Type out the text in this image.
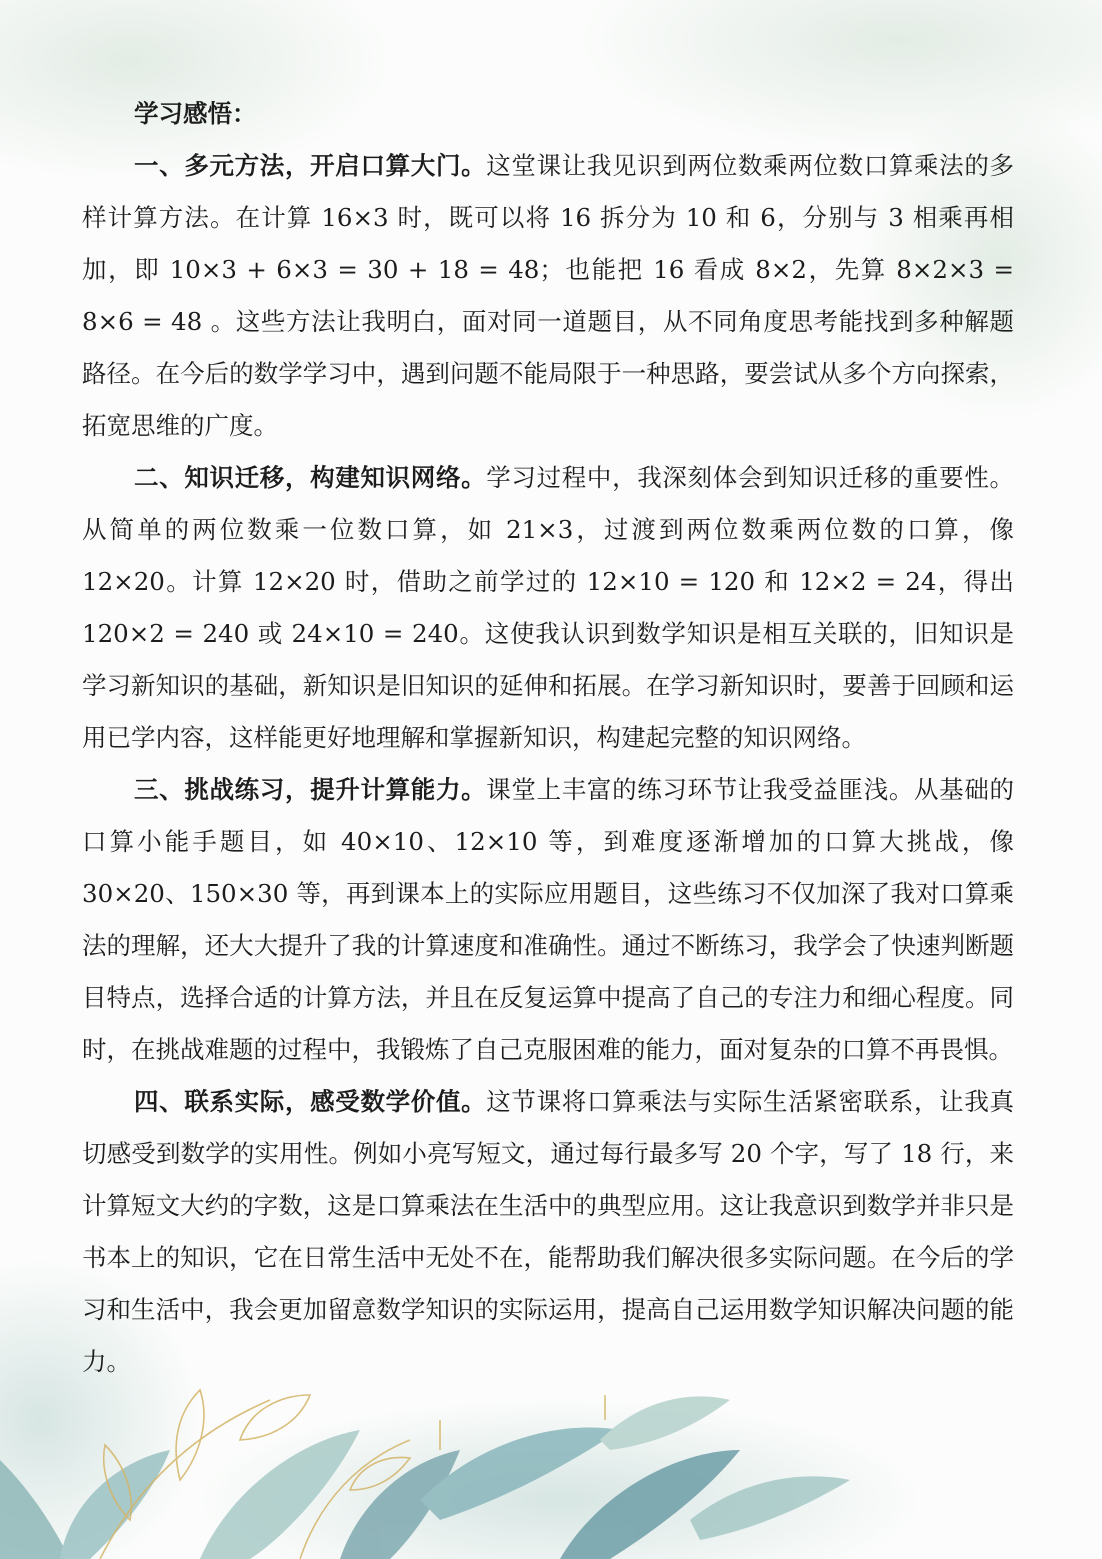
学习感悟：

一、多元方法，开启口算大门。这堂课让我见识到两位数乘两位数口算乘法的多样计算方法。在计算 16×3 时，既可以将 16 拆分为 10 和 6，分别与 3 相乘再相加，即 10×3 + 6×3 = 30 + 18 = 48；也能把 16 看成 8×2，先算 8×2×3 = 8×6 = 48 。这些方法让我明白，面对同一道题目，从不同角度思考能找到多种解题路径。在今后的数学学习中，遇到问题不能局限于一种思路，要尝试从多个方向探索，拓宽思维的广度。

二、知识迁移，构建知识网络。学习过程中，我深刻体会到知识迁移的重要性。从简单的两位数乘一位数口算，如 21×3，过渡到两位数乘两位数的口算，像 12×20。计算 12×20 时，借助之前学过的 12×10 = 120 和 12×2 = 24，得出 120×2 = 240 或 24×10 = 240。这使我认识到数学知识是相互关联的，旧知识是学习新知识的基础，新知识是旧知识的延伸和拓展。在学习新知识时，要善于回顾和运用已学内容，这样能更好地理解和掌握新知识，构建起完整的知识网络。

三、挑战练习，提升计算能力。课堂上丰富的练习环节让我受益匪浅。从基础的口算小能手题目，如 40×10、12×10 等，到难度逐渐增加的口算大挑战，像 30×20、150×30 等，再到课本上的实际应用题目，这些练习不仅加深了我对口算乘法的理解，还大大提升了我的计算速度和准确性。通过不断练习，我学会了快速判断题目特点，选择合适的计算方法，并且在反复运算中提高了自己的专注力和细心程度。同时，在挑战难题的过程中，我锻炼了自己克服困难的能力，面对复杂的口算不再畏惧。

四、联系实际，感受数学价值。这节课将口算乘法与实际生活紧密联系，让我真切感受到数学的实用性。例如小亮写短文，通过每行最多写 20 个字，写了 18 行，来计算短文大约的字数，这是口算乘法在生活中的典型应用。这让我意识到数学并非只是书本上的知识，它在日常生活中无处不在，能帮助我们解决很多实际问题。在今后的学习和生活中，我会更加留意数学知识的实际运用，提高自己运用数学知识解决问题的能力。
